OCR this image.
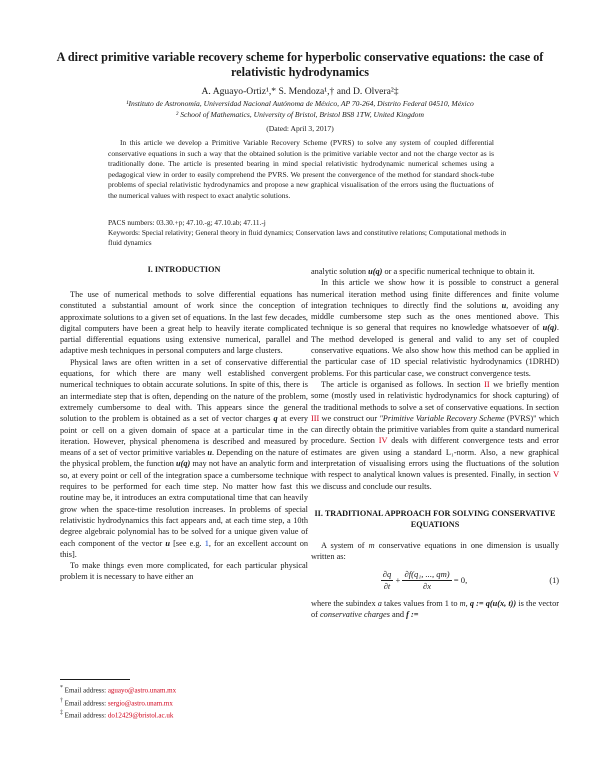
A direct primitive variable recovery scheme for hyperbolic conservative equations: the case of relativistic hydrodynamics
A. Aguayo-Ortiz¹,* S. Mendoza¹,† and D. Olvera²‡
¹Instituto de Astronomía, Universidad Nacional Autónoma de México, AP 70-264, Distrito Federal 04510, México
² School of Mathematics, University of Bristol, Bristol BS8 1TW, United Kingdom
(Dated: April 3, 2017)

In this article we develop a Primitive Variable Recovery Scheme (PVRS) to solve any system of coupled differential conservative equations in such a way that the obtained solution is the primitive variable vector and not the charge vector as is traditionally done. The article is presented bearing in mind special relativistic hydrodynamic numerical schemes using a pedagogical view in order to easily comprehend the PVRS. We present the convergence of the method for standard shock-tube problems of special relativistic hydrodynamics and propose a new graphical visualisation of the errors using the fluctuations of the numerical values with respect to exact analytic solutions.

PACS numbers: 03.30.+p; 47.10.-g; 47.10.ab; 47.11.-j
Keywords: Special relativity; General theory in fluid dynamics; Conservation laws and constitutive relations; Computational methods in fluid dynamics

I. INTRODUCTION

The use of numerical methods to solve differential equations has constituted a substantial amount of work since the conception of approximate solutions to a given set of equations. In the last few decades, digital computers have been a great help to heavily iterate complicated partial differential equations using extensive numerical, parallel and adaptive mesh techniques in personal computers and large clusters.

Physical laws are often written in a set of conservative differential equations, for which there are many well established convergent numerical techniques to obtain accurate solutions. In spite of this, there is an intermediate step that is often, depending on the nature of the problem, extremely cumbersome to deal with. This appears since the general solution to the problem is obtained as a set of vector charges q at every point or cell on a given domain of space at a particular time in the iteration. However, physical phenomena is described and measured by means of a set of vector primitive variables u. Depending on the nature of the physical problem, the function u(q) may not have an analytic form and so, at every point or cell of the integration space a cumbersome technique requires to be performed for each time step. No matter how fast this routine may be, it introduces an extra computational time that can heavily grow when the space-time resolution increases. In problems of special relativistic hydrodynamics this fact appears and, at each time step, a 10th degree algebraic polynomial has to be solved for a unique given value of each component of the vector u [see e.g. 1, for an excellent account on this].

To make things even more complicated, for each particular physical problem it is necessary to have either an

analytic solution u(q) or a specific numerical technique to obtain it.

In this article we show how it is possible to construct a general numerical iteration method using finite differences and finite volume integration techniques to directly find the solutions u, avoiding any middle cumbersome step such as the ones mentioned above. This technique is so general that requires no knowledge whatsoever of u(q). The method developed is general and valid to any set of coupled conservative equations. We also show how this method can be applied in the particular case of 1D special relativistic hydrodynamics (1DRHD) problems. For this particular case, we construct convergence tests.

The article is organised as follows. In section II we briefly mention some (mostly used in relativistic hydrodynamics for shock capturing) of the traditional methods to solve a set of conservative equations. In section III we construct our "Primitive Variable Recovery Scheme (PVRS)" which can directly obtain the primitive variables from quite a standard numerical procedure. Section IV deals with different convergence tests and error estimates are given using a standard L₁-norm. Also, a new graphical interpretation of visualising errors using the fluctuations of the solution with respect to analytical known values is presented. Finally, in section V we discuss and conclude our results.

II. TRADITIONAL APPROACH FOR SOLVING CONSERVATIVE EQUATIONS

A system of m conservative equations in one dimension is usually written as:

$\frac{\partial q}{\partial t} + \frac{\text{∂f(q₁, ..., qm)}}{\partial x} = 0$,	(1)

where the subindex a takes values from 1 to m, q := q(u(x, t)) is the vector of conservative charges and f :=

* Email address: aguayo@astro.unam.mx
† Email address: sergio@astro.unam.mx
‡ Email address: do12429@bristol.ac.uk
